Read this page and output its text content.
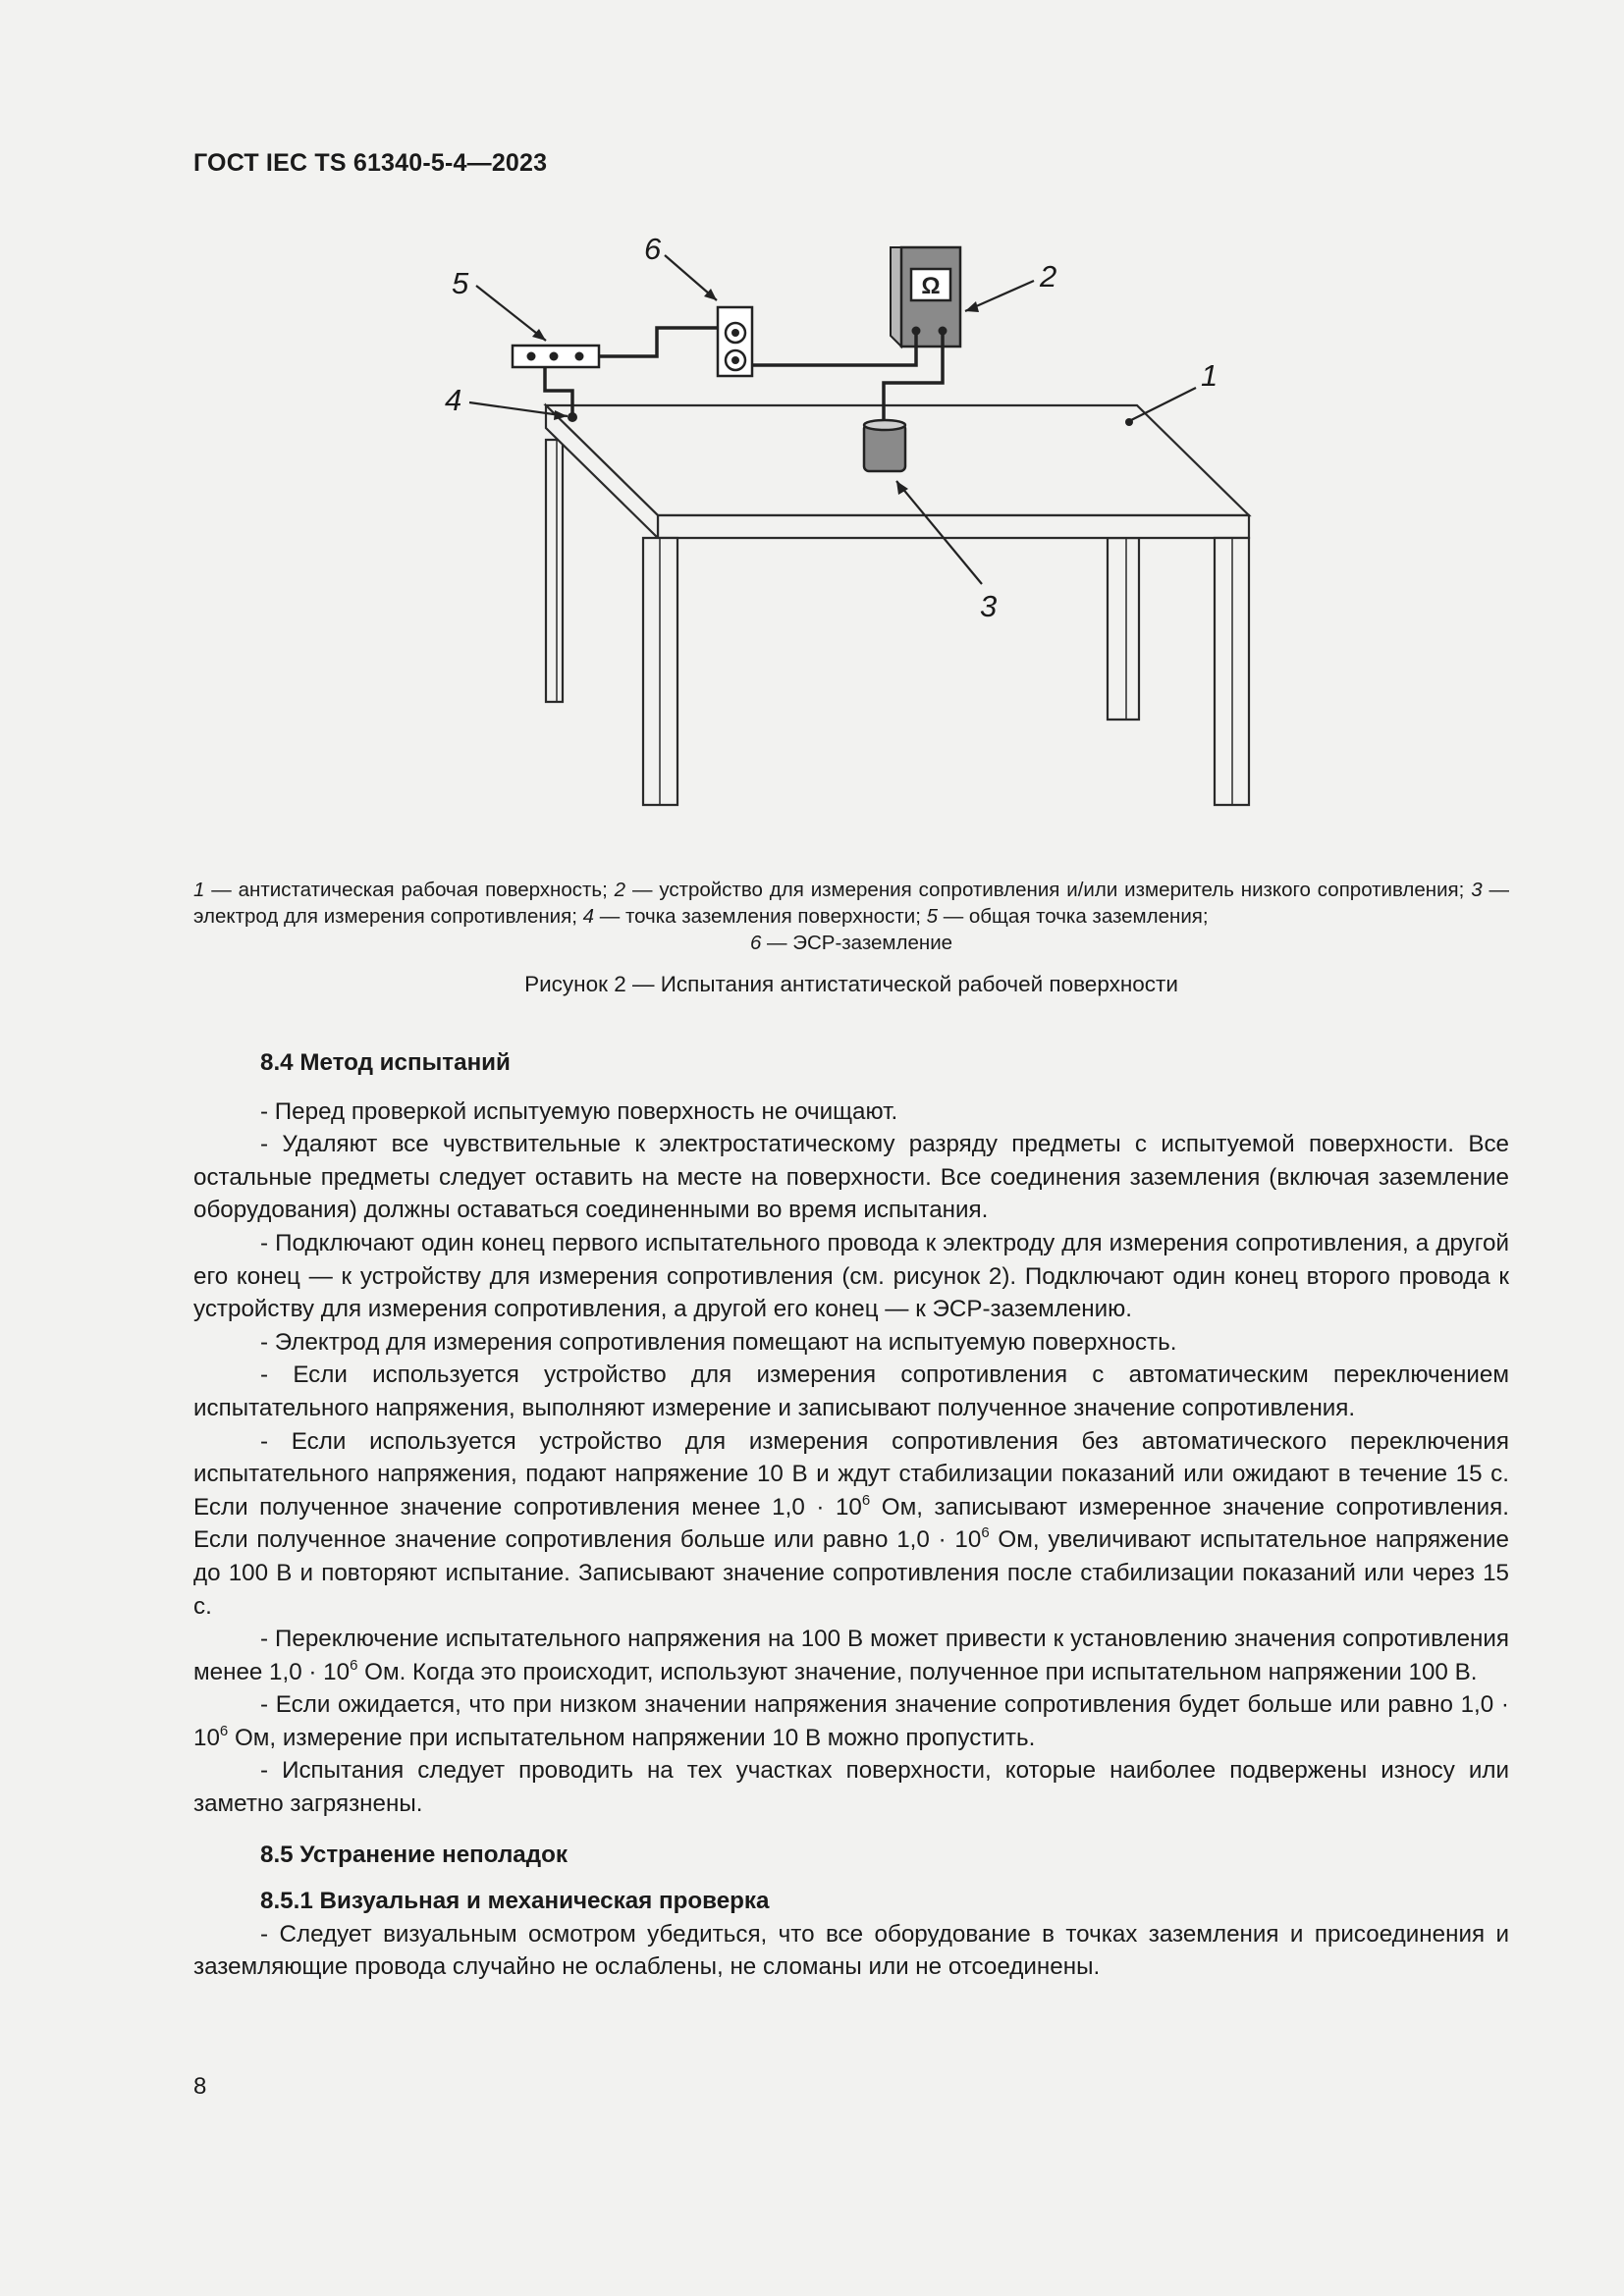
ГОСТ IEC TS 61340-5-4—2023
Ω
5
6
2
1
4
3
1 — антистатическая рабочая поверхность; 2 — устройство для измерения сопротивления и/или измеритель низкого сопротивления; 3 — электрод для измерения сопротивления; 4 — точка заземления поверхности; 5 — общая точка заземления;
6 — ЭСР-заземление
Рисунок 2 — Испытания антистатической рабочей поверхности
8.4 Метод испытаний

- Перед проверкой испытуемую поверхность не очищают.

- Удаляют все чувствительные к электростатическому разряду предметы с испытуемой поверхности. Все остальные предметы следует оставить на месте на поверхности. Все соединения заземления (включая заземление оборудования) должны оставаться соединенными во время испытания.

- Подключают один конец первого испытательного провода к электроду для измерения сопротивления, а другой его конец — к устройству для измерения сопротивления (см. рисунок 2). Подключают один конец второго провода к устройству для измерения сопротивления, а другой его конец — к ЭСР-заземлению.

- Электрод для измерения сопротивления помещают на испытуемую поверхность.

- Если используется устройство для измерения сопротивления с автоматическим переключением испытательного напряжения, выполняют измерение и записывают полученное значение сопротивления.

- Если используется устройство для измерения сопротивления без автоматического переключения испытательного напряжения, подают напряжение 10 В и ждут стабилизации показаний или ожидают в течение 15 с. Если полученное значение сопротивления менее $1,0 \cdot 10^6$ Ом, записывают измеренное значение сопротивления. Если полученное значение сопротивления больше или равно $1,0 \cdot 10^6$ Ом, увеличивают испытательное напряжение до 100 В и повторяют испытание. Записывают значение сопротивления после стабилизации показаний или через 15 с.

- Переключение испытательного напряжения на 100 В может привести к установлению значения сопротивления менее $1,0 \cdot 10^6$ Ом. Когда это происходит, используют значение, полученное при испытательном напряжении 100 В.

- Если ожидается, что при низком значении напряжения значение сопротивления будет больше или равно $1,0 \cdot 10^6$ Ом, измерение при испытательном напряжении 10 В можно пропустить.

- Испытания следует проводить на тех участках поверхности, которые наиболее подвержены износу или заметно загрязнены.

8.5 Устранение неполадок
8.5.1 Визуальная и механическая проверка

- Следует визуальным осмотром убедиться, что все оборудование в точках заземления и присоединения и заземляющие провода случайно не ослаблены, не сломаны или не отсоединены.

8
